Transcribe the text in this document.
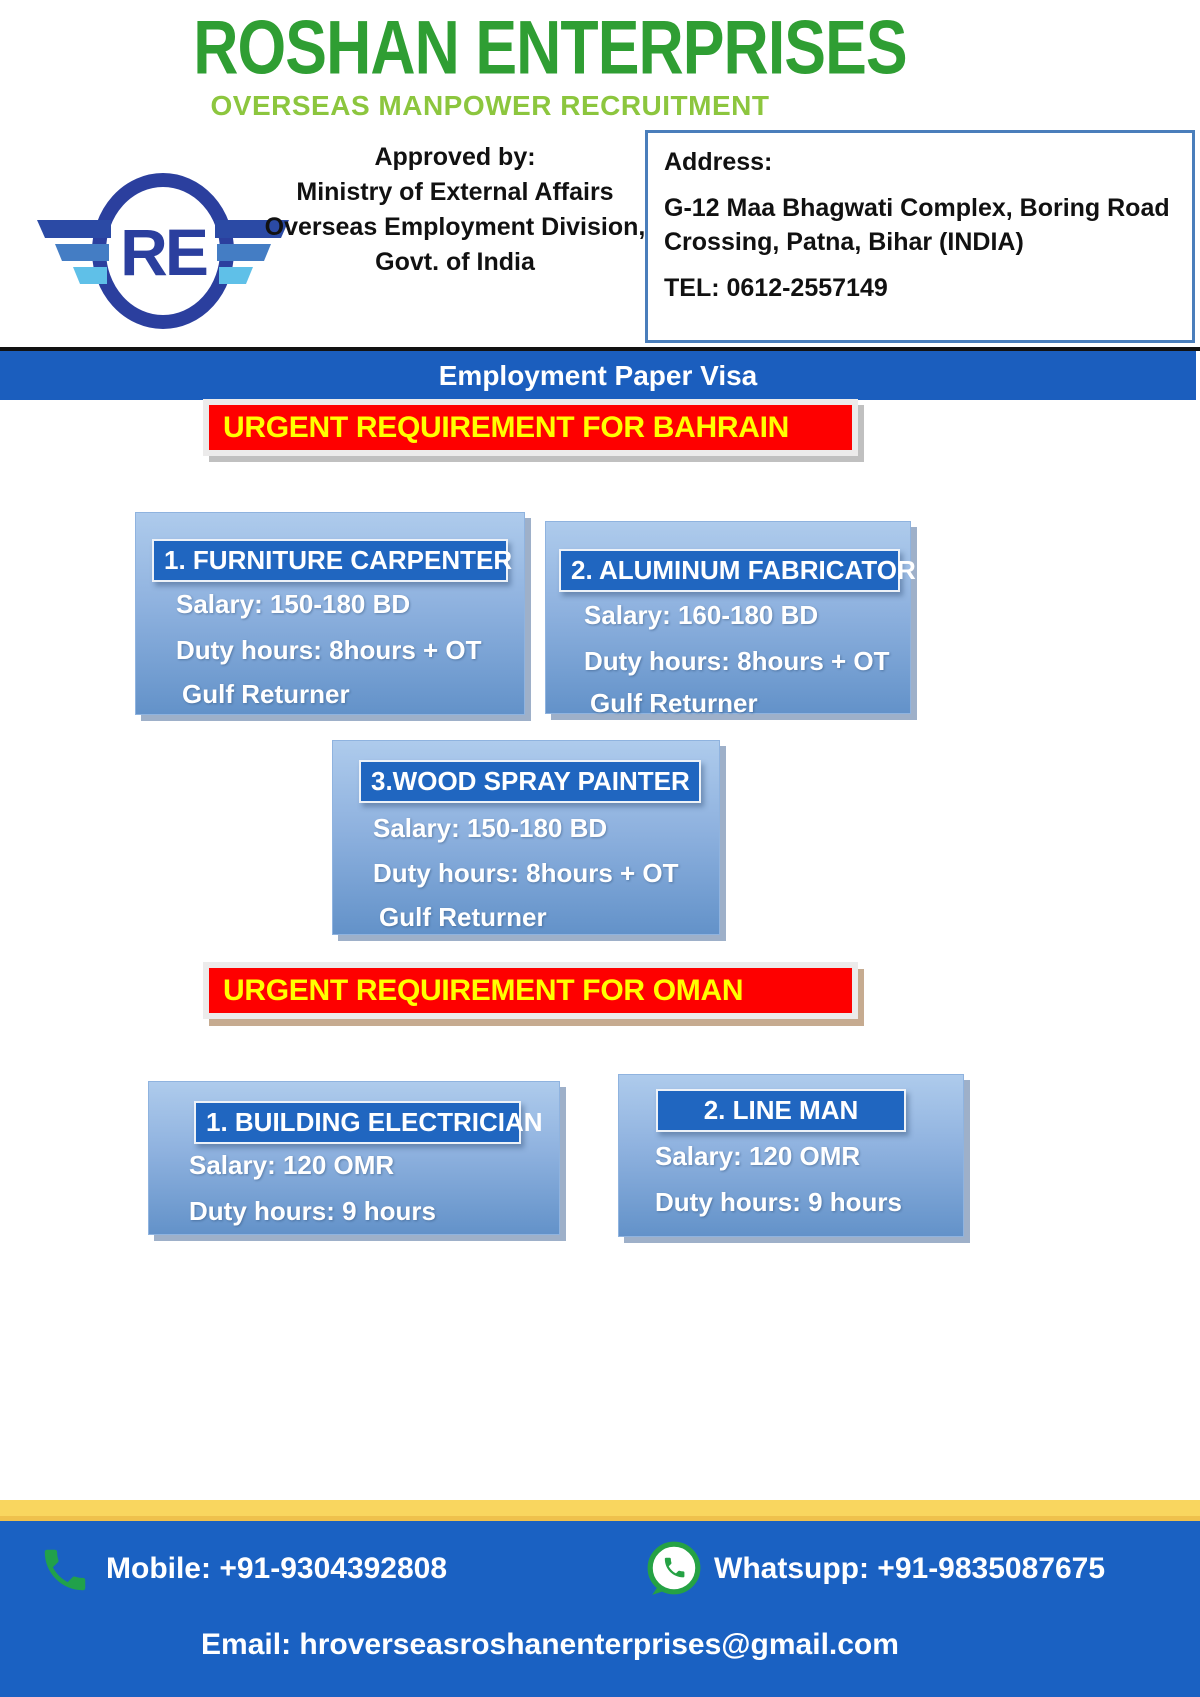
ROSHAN ENTERPRISES
OVERSEAS MANPOWER RECRUITMENT
RE
Approved by:
Ministry of External Affairs
Overseas Employment Division,
Govt. of India
Address:
G-12 Maa Bhagwati Complex, Boring Road Crossing, Patna, Bihar (INDIA)
TEL: 0612-2557149
Employment Paper Visa
URGENT REQUIREMENT FOR BAHRAIN
1. FURNITURE CARPENTER
Salary: 150-180 BD
Duty hours: 8hours + OT
Gulf Returner
2. ALUMINUM FABRICATOR
Salary: 160-180 BD
Duty hours: 8hours + OT
Gulf Returner
3.WOOD SPRAY PAINTER
Salary: 150-180 BD
Duty hours: 8hours + OT
Gulf Returner
URGENT REQUIREMENT FOR OMAN
1. BUILDING ELECTRICIAN
Salary: 120 OMR
Duty hours: 9 hours
2. LINE MAN
Salary: 120 OMR
Duty hours: 9 hours
Mobile: +91-9304392808	Whatsupp: +91-9835087675
Email: hroverseasroshanenterprises@gmail.com
